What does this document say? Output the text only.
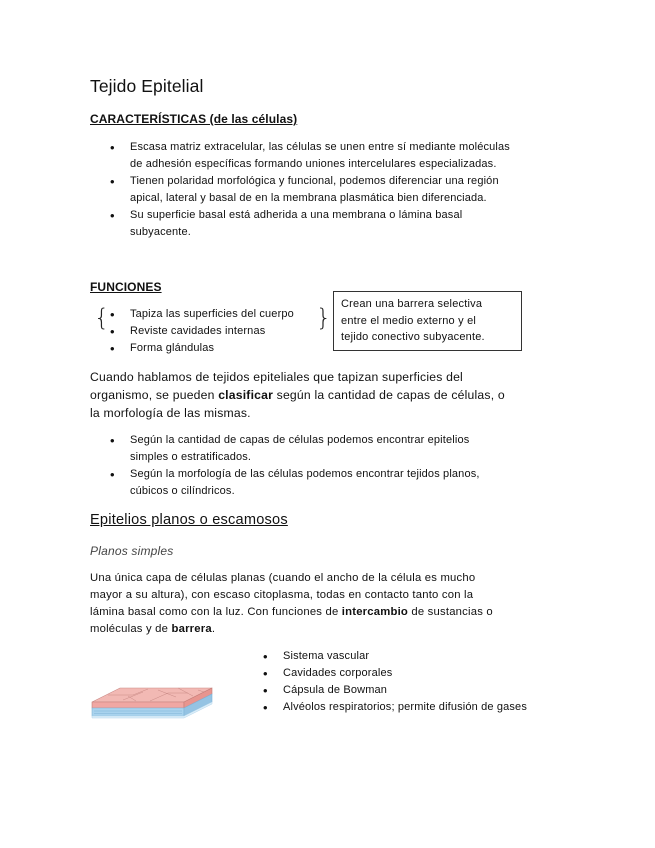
Tejido Epitelial

CARACTERÍSTICAS (de las células)

• Escasa matriz extracelular, las células se unen entre sí mediante moléculas
de adhesión específicas formando uniones intercelulares especializadas.
• Tienen polaridad morfológica y funcional, podemos diferenciar una región
apical, lateral y basal de en la membrana plasmática bien diferenciada.
• Su superficie basal está adherida a una membrana o lámina basal
subyacente.

FUNCIONES

{	}
• Tapiza las superficies del cuerpo
• Reviste cavidades internas
• Forma glándulas
Crean una barrera selectiva
entre el medio externo y el
tejido conectivo subyacente.

Cuando hablamos de tejidos epiteliales que tapizan superficies del
organismo, se pueden clasificar según la cantidad de capas de células, o
la morfología de las mismas.

• Según la cantidad de capas de células podemos encontrar epitelios
simples o estratificados.
• Según la morfología de las células podemos encontrar tejidos planos,
cúbicos o cilíndricos.

Epitelios planos o escamosos

Planos simples

Una única capa de células planas (cuando el ancho de la célula es mucho
mayor a su altura), con escaso citoplasma, todas en contacto tanto con la
lámina basal como con la luz. Con funciones de intercambio de sustancias o
moléculas y de barrera.

• Sistema vascular
• Cavidades corporales
• Cápsula de Bowman
• Alvéolos respiratorios; permite difusión de gases
